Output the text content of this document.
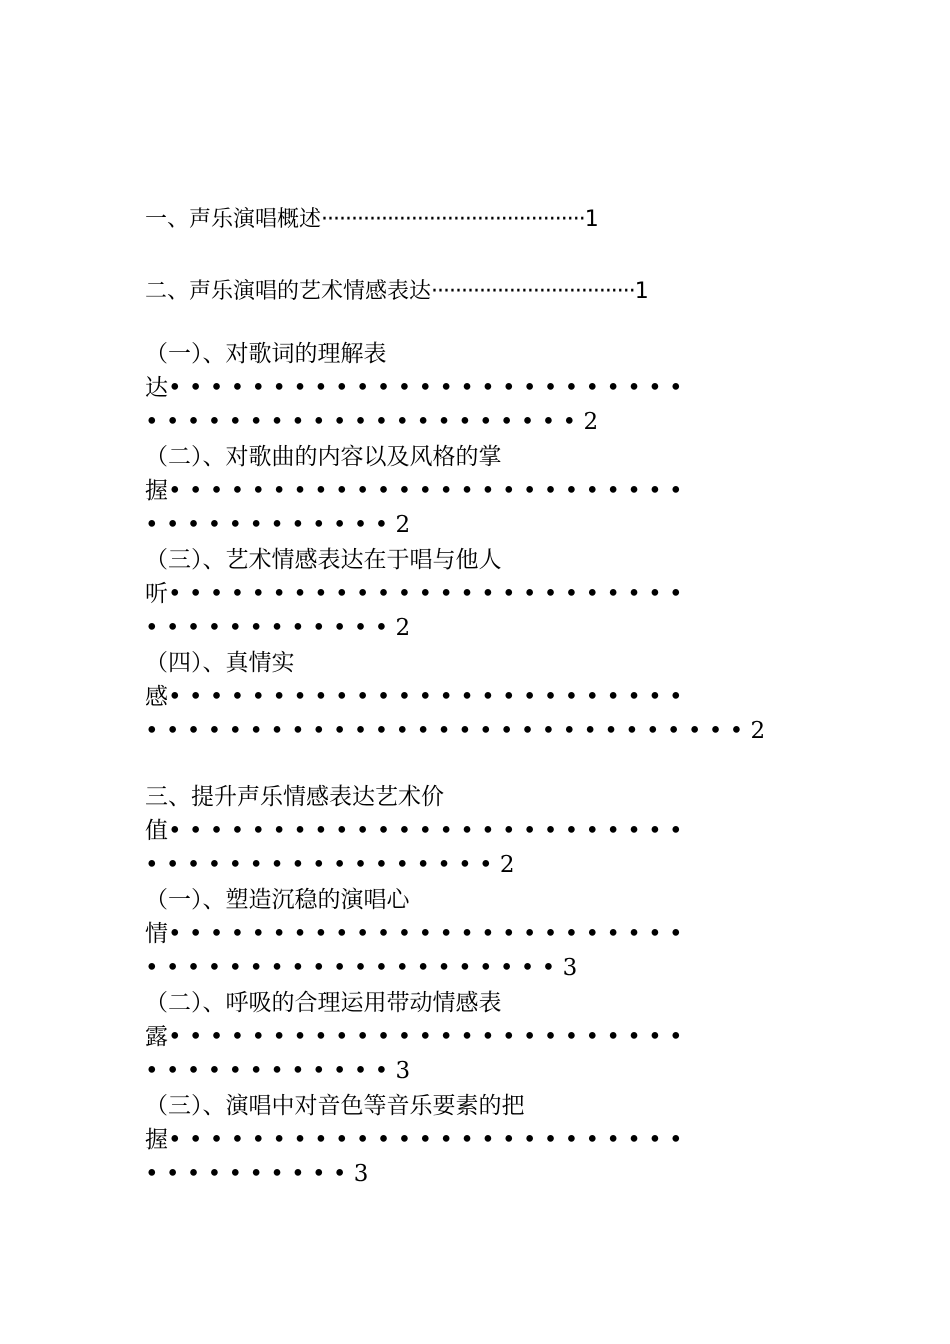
一、声乐演唱概述············································1
二、声乐演唱的艺术情感表达··································1
（一）、对歌词的理解表
达• • • • • • • • • • • • • • • • • • • • • • • • • • • • • • • • • • • • • • • • • • • • • • 2
（二）、对歌曲的内容以及风格的掌
握• • • • • • • • • • • • • • • • • • • • • • • • • • • • • • • • • • • • • 2
（三）、艺术情感表达在于唱与他人
听• • • • • • • • • • • • • • • • • • • • • • • • • • • • • • • • • • • • • 2
（四）、真情实
感• • • • • • • • • • • • • • • • • • • • • • • • • • • • • • • • • • • • • • • • • • • • • • • • • • • • • • 2
三、提升声乐情感表达艺术价
值• • • • • • • • • • • • • • • • • • • • • • • • • • • • • • • • • • • • • • • • • • 2
（一）、塑造沉稳的演唱心
情• • • • • • • • • • • • • • • • • • • • • • • • • • • • • • • • • • • • • • • • • • • • • 3
（二）、呼吸的合理运用带动情感表
露• • • • • • • • • • • • • • • • • • • • • • • • • • • • • • • • • • • • • 3
（三）、演唱中对音色等音乐要素的把
握• • • • • • • • • • • • • • • • • • • • • • • • • • • • • • • • • • • 3
